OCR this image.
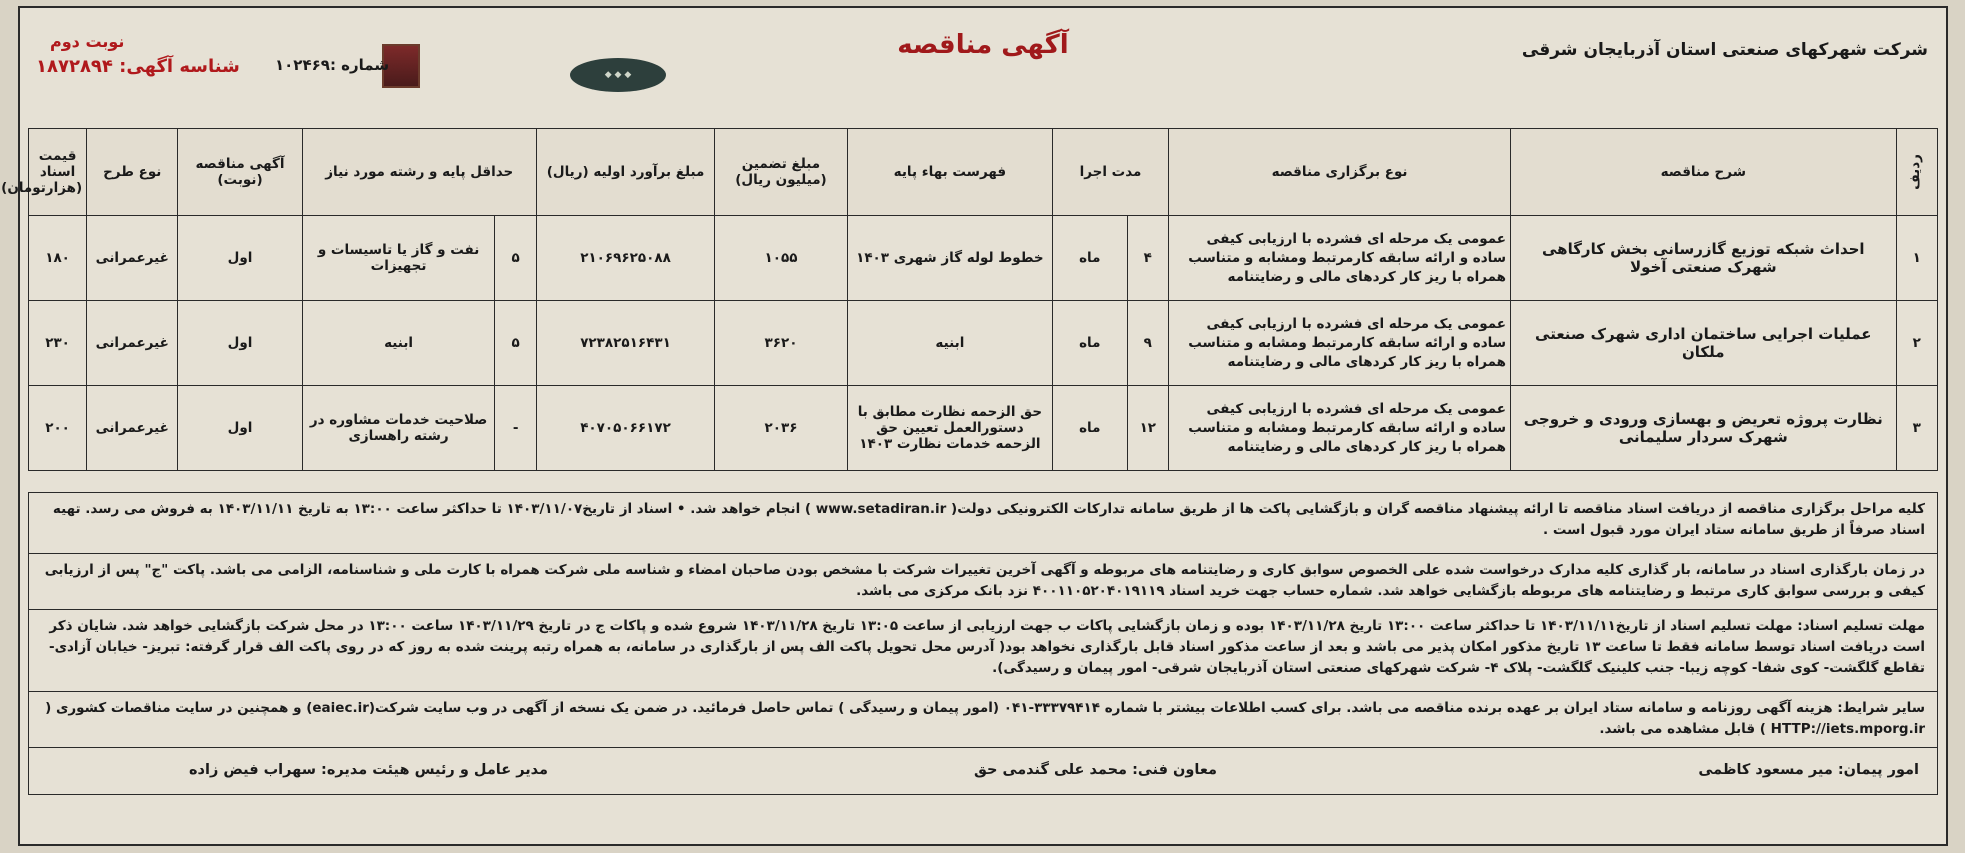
شرکت شهرکهای صنعتی استان آذربایجان شرقی
آگهی مناقصه
◆ ◆ ◆
شماره :۱۰۲۴۶۹
نوبت دوم
شناسه آگهی: ۱۸۷۲۸۹۴
ردیف	شرح مناقصه	نوع برگزاری مناقصه	مدت اجرا		فهرست بهاء پایه	مبلغ تضمین (میلیون ریال)	مبلغ برآورد اولیه (ریال)	حداقل پایه و رشته مورد نیاز		آگهی مناقصه (نوبت)	نوع طرح	قیمت اسناد (هزارتومان)
۱	احداث شبکه توزیع گازرسانی بخش کارگاهی شهرک صنعتی آخولا	عمومی یک مرحله ای فشرده با ارزیابی کیفی ساده و ارائه سابقه کارمرتبط ومشابه و متناسب همراه با ریز کار کردهای مالی و رضایتنامه	۴	ماه	خطوط لوله گاز شهری ۱۴۰۳	۱۰۵۵	۲۱۰۶۹۶۲۵۰۸۸	۵	نفت و گاز یا تاسیسات و تجهیزات	اول	غیرعمرانی	۱۸۰
۲	عملیات اجرایی ساختمان اداری شهرک صنعتی ملکان	عمومی یک مرحله ای فشرده با ارزیابی کیفی ساده و ارائه سابقه کارمرتبط ومشابه و متناسب همراه با ریز کار کردهای مالی و رضایتنامه	۹	ماه	ابنیه	۳۶۲۰	۷۲۳۸۲۵۱۶۴۳۱	۵	ابنیه	اول	غیرعمرانی	۲۳۰
۳	نظارت پروژه تعریض و بهسازی ورودی و خروجی شهرک سردار سلیمانی	عمومی یک مرحله ای فشرده با ارزیابی کیفی ساده و ارائه سابقه کارمرتبط ومشابه و متناسب همراه با ریز کار کردهای مالی و رضایتنامه	۱۲	ماه	حق الزحمه نظارت مطابق با دستورالعمل تعیین حق الزحمه خدمات نظارت ۱۴۰۳	۲۰۳۶	۴۰۷۰۵۰۶۶۱۷۲	-	صلاحیت خدمات مشاوره در رشته راهسازی	اول	غیرعمرانی	۲۰۰
کلیه مراحل برگزاری مناقصه از دریافت اسناد مناقصه تا ارائه پیشنهاد مناقصه گران و بازگشایی پاکت ها از طریق سامانه تدارکات الکترونیکی دولت( www.setadiran.ir ) انجام خواهد شد. • اسناد از تاریخ۱۴۰۳/۱۱/۰۷ تا حداکثر ساعت ۱۳:۰۰ به تاریخ ۱۴۰۳/۱۱/۱۱ به فروش می رسد. تهیه اسناد صرفاً از طریق سامانه ستاد ایران مورد قبول است .
در زمان بارگذاری اسناد در سامانه، بار گذاری کلیه مدارک درخواست شده علی الخصوص سوابق کاری و رضایتنامه های مربوطه و آگهی آخرین تغییرات شرکت با مشخص بودن صاحبان امضاء و شناسه ملی شرکت همراه با کارت ملی و شناسنامه، الزامی می باشد. پاکت "ج" پس از ارزیابی کیفی و بررسی سوابق کاری مرتبط و رضایتنامه های مربوطه بازگشایی خواهد شد. شماره حساب جهت خرید اسناد ۴۰۰۱۱۰۵۲۰۴۰۱۹۱۱۹ نزد بانک مرکزی می باشد.
مهلت تسلیم اسناد: مهلت تسلیم اسناد از تاریخ۱۴۰۳/۱۱/۱۱ تا حداکثر ساعت ۱۳:۰۰ تاریخ ۱۴۰۳/۱۱/۲۸ بوده و زمان بازگشایی پاکات ب جهت ارزیابی از ساعت ۱۳:۰۵ تاریخ ۱۴۰۳/۱۱/۲۸ شروع شده و پاکات ج در تاریخ ۱۴۰۳/۱۱/۲۹ ساعت ۱۳:۰۰ در محل شرکت بازگشایی خواهد شد. شایان ذکر است دریافت اسناد توسط سامانه فقط تا ساعت ۱۳ تاریخ مذکور امکان پذیر می باشد و بعد از ساعت مذکور اسناد قابل بارگذاری نخواهد بود( آدرس محل تحویل پاکت الف پس از بارگذاری در سامانه، به همراه رتبه پرینت شده به روز که در روی پاکت الف قرار گرفته: تبریز- خیابان آزادی- تقاطع گلگشت- کوی شفا- کوچه زیبا- جنب کلینیک گلگشت- پلاک ۴- شرکت شهرکهای صنعتی استان آذربایجان شرقی- امور پیمان و رسیدگی).
سایر شرایط: هزینه آگهی روزنامه و سامانه ستاد ایران بر عهده برنده مناقصه می باشد. برای کسب اطلاعات بیشتر با شماره ۳۳۳۷۹۴۱۴-۰۴۱ (امور پیمان و رسیدگی ) تماس حاصل فرمائید. در ضمن یک نسخه از آگهی در وب سایت شرکت(eaiec.ir) و همچنین در سایت مناقصات کشوری ( HTTP://iets.mporg.ir ) قابل مشاهده می باشد.
امور پیمان: میر مسعود کاظمی
معاون فنی: محمد علی گندمی حق
مدیر عامل و رئیس هیئت مدیره: سهراب فیض زاده
